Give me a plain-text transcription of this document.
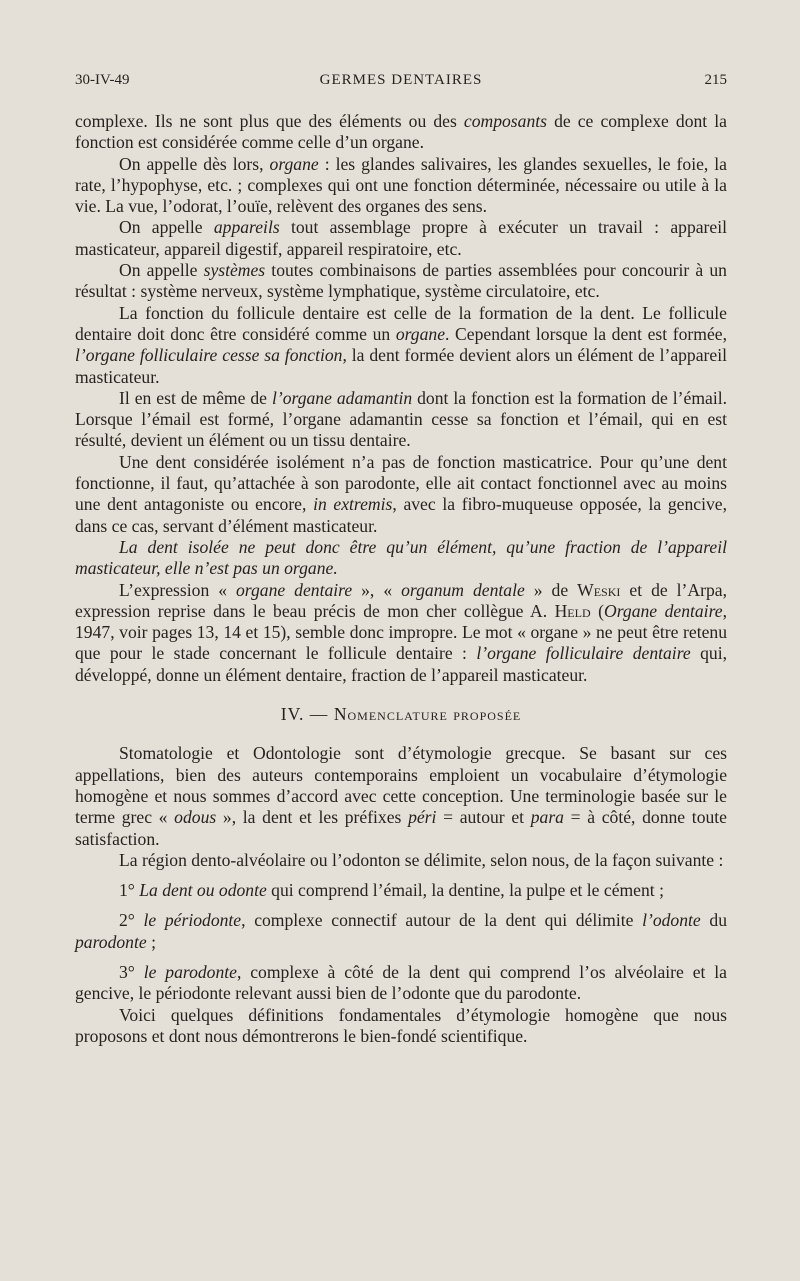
30-IV-49	GERMES DENTAIRES	215

complexe. Ils ne sont plus que des éléments ou des composants de ce complexe dont la fonction est considérée comme celle d’un organe.

On appelle dès lors, organe : les glandes salivaires, les glandes sexuelles, le foie, la rate, l’hypophyse, etc. ; complexes qui ont une fonction déterminée, nécessaire ou utile à la vie. La vue, l’odorat, l’ouïe, relèvent des organes des sens.

On appelle appareils tout assemblage propre à exécuter un travail : appareil masticateur, appareil digestif, appareil respiratoire, etc.

On appelle systèmes toutes combinaisons de parties assemblées pour concourir à un résultat : système nerveux, système lymphatique, système circulatoire, etc.

La fonction du follicule dentaire est celle de la formation de la dent. Le follicule dentaire doit donc être considéré comme un organe. Cependant lorsque la dent est formée, l’organe folliculaire cesse sa fonction, la dent formée devient alors un élément de l’appareil masticateur.

Il en est de même de l’organe adamantin dont la fonction est la formation de l’émail. Lorsque l’émail est formé, l’organe adamantin cesse sa fonction et l’émail, qui en est résulté, devient un élément ou un tissu dentaire.

Une dent considérée isolément n’a pas de fonction masticatrice. Pour qu’une dent fonctionne, il faut, qu’attachée à son parodonte, elle ait contact fonctionnel avec au moins une dent antagoniste ou encore, in extremis, avec la fibro-muqueuse opposée, la gencive, dans ce cas, servant d’élément masticateur.

La dent isolée ne peut donc être qu’un élément, qu’une fraction de l’appareil masticateur, elle n’est pas un organe.

L’expression « organe dentaire », « organum dentale » de Weski et de l’Arpa, expression reprise dans le beau précis de mon cher collègue A. Held (Organe dentaire, 1947, voir pages 13, 14 et 15), semble donc impropre. Le mot « organe » ne peut être retenu que pour le stade concernant le follicule dentaire : l’organe folliculaire dentaire qui, développé, donne un élément dentaire, fraction de l’appareil masticateur.

IV. — Nomenclature proposée

Stomatologie et Odontologie sont d’étymologie grecque. Se basant sur ces appellations, bien des auteurs contemporains emploient un vocabulaire d’étymologie homogène et nous sommes d’accord avec cette conception. Une terminologie basée sur le terme grec « odous », la dent et les préfixes péri = autour et para = à côté, donne toute satisfaction.

La région dento-alvéolaire ou l’odonton se délimite, selon nous, de la façon suivante :

1° La dent ou odonte qui comprend l’émail, la dentine, la pulpe et le cément ;

2° le périodonte, complexe connectif autour de la dent qui délimite l’odonte du parodonte ;

3° le parodonte, complexe à côté de la dent qui comprend l’os alvéolaire et la gencive, le périodonte relevant aussi bien de l’odonte que du parodonte.

Voici quelques définitions fondamentales d’étymologie homogène que nous proposons et dont nous démontrerons le bien-fondé scientifique.
